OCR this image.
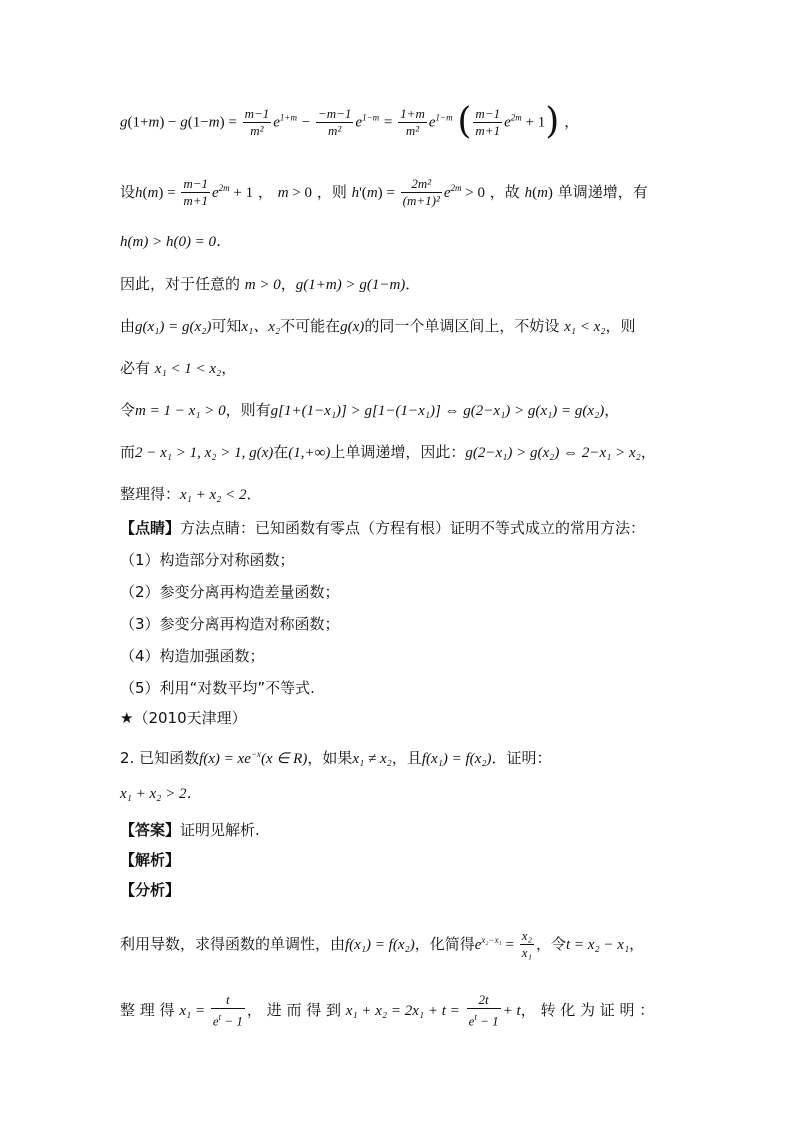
$g(1+m) - g(1-m) = \frac{m-1}{\text{m²}} e^{1+m} - \frac{-m-1}{\text{m²}} e^{1-m} = \frac{1+m}{\text{m²}} e^{1-m}$ ( $\frac{m-1}{m+1} e^{2m} + 1$) ，
设$h(m) = \frac{m-1}{m+1} e^{2m} + 1$ ， m > 0 ，则 $h'(m) = \frac{\text{2m²}}{\text{(m+1)²}} e^{2m} > 0$ ，故 h(m) 单调递增，有
h(m) > h(0) = 0．
因此，对于任意的 m > 0，g(1+m) > g(1−m)．
由g(x₁) = g(x₂)可知x₁、x₂不可能在g(x)的同一个单调区间上，不妨设 x₁ < x₂，则
必有 x₁ < 1 < x₂，
令m = 1 − x₁ > 0，则有g[1+(1−x₁)] > g[1−(1−x₁)] ⇔ g(2−x₁) > g(x₁) = g(x₂)，
而2 − x₁ > 1, x₂ > 1, g(x)在(1,+∞)上单调递增，因此：g(2−x₁) > g(x₂) ⇔ 2−x₁ > x₂，
整理得：x₁ + x₂ < 2．
【点睛】方法点睛：已知函数有零点（方程有根）证明不等式成立的常用方法：
（1）构造部分对称函数；
（2）参变分离再构造差量函数；
（3）参变分离再构造对称函数；
（4）构造加强函数；
（5）利用“对数平均”不等式.
★（2010天津理）
2. 已知函数$f(x) = xe^{-x}(x$ ∈ R)，如果x₁ ≠ x₂，且f(x₁) = f(x₂)．证明：
x₁ + x₂ > 2．
【答案】证明见解析.
【解析】
【分析】
利用导数，求得函数的单调性，由f(x₁) = f(x₂)，化简得$e^{x_2-x_1} = \frac{\text{x₂}}{\text{x₁}}$ ，令t = x₂ − x₁，
整 理 得 $x_1 = \frac{t}{e^t - 1}$ ， 进 而 得 到 $x_1 + x_2 = 2x_1 + t = \frac{2t}{e^t - 1} + t$， 转 化 为 证 明 ：
